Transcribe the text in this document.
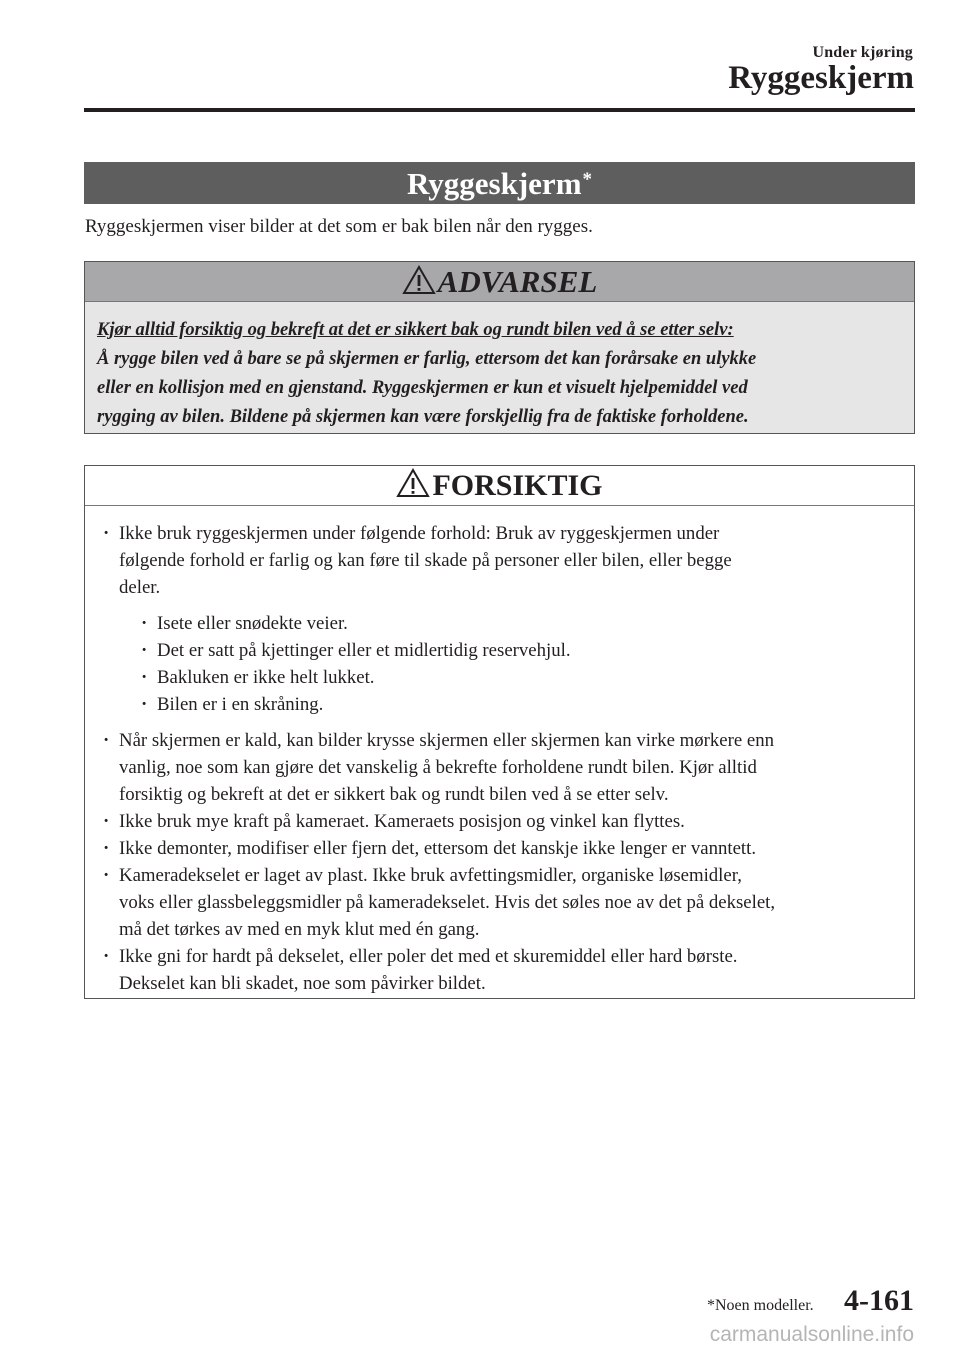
Under kjøring
Ryggeskjerm
Ryggeskjerm*
Ryggeskjermen viser bilder at det som er bak bilen når den rygges.
ADVARSEL
Kjør alltid forsiktig og bekreft at det er sikkert bak og rundt bilen ved å se etter selv:
Å rygge bilen ved å bare se på skjermen er farlig, ettersom det kan forårsake en ulykke
eller en kollisjon med en gjenstand. Ryggeskjermen er kun et visuelt hjelpemiddel ved
rygging av bilen. Bildene på skjermen kan være forskjellig fra de faktiske forholdene.
FORSIKTIG
· Ikke bruk ryggeskjermen under følgende forhold: Bruk av ryggeskjermen under
følgende forhold er farlig og kan føre til skade på personer eller bilen, eller begge
deler.
· Isete eller snødekte veier.
· Det er satt på kjettinger eller et midlertidig reservehjul.
· Bakluken er ikke helt lukket.
· Bilen er i en skråning.
· Når skjermen er kald, kan bilder krysse skjermen eller skjermen kan virke mørkere enn
vanlig, noe som kan gjøre det vanskelig å bekrefte forholdene rundt bilen. Kjør alltid
forsiktig og bekreft at det er sikkert bak og rundt bilen ved å se etter selv.
· Ikke bruk mye kraft på kameraet. Kameraets posisjon og vinkel kan flyttes.
· Ikke demonter, modifiser eller fjern det, ettersom det kanskje ikke lenger er vanntett.
· Kameradekselet er laget av plast. Ikke bruk avfettingsmidler, organiske løsemidler,
voks eller glassbeleggsmidler på kameradekselet. Hvis det søles noe av det på dekselet,
må det tørkes av med en myk klut med én gang.
· Ikke gni for hardt på dekselet, eller poler det med et skuremiddel eller hard børste.
Dekselet kan bli skadet, noe som påvirker bildet.
*Noen modeller. 4-161
carmanualsonline.info
